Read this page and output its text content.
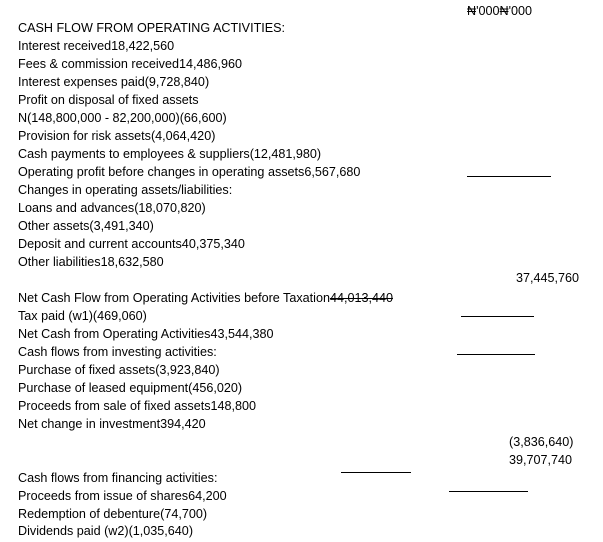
₦'000₦'000
CASH FLOW FROM OPERATING ACTIVITIES:
Interest received18,422,560
Fees & commission received14,486,960
Interest expenses paid(9,728,840)
Profit on disposal of fixed assets
N(148,800,000 - 82,200,000)(66,600)
Provision for risk assets(4,064,420)
Cash payments to employees & suppliers(12,481,980)
Operating profit before changes in operating assets6,567,680
Changes in operating assets/liabilities:
Loans and advances(18,070,820)
Other assets(3,491,340)
Deposit and current accounts40,375,340
Other liabilities18,632,580
37,445,760
Net Cash Flow from Operating Activities before Taxation44,013,440
Tax paid (w1)(469,060)
Net Cash from Operating Activities43,544,380
Cash flows from investing activities:
Purchase of fixed assets(3,923,840)
Purchase of leased equipment(456,020)
Proceeds from sale of fixed assets148,800
Net change in investment394,420
(3,836,640)
39,707,740
Cash flows from financing activities:
Proceeds from issue of shares64,200
Redemption of debenture(74,700)
Dividends paid (w2)(1,035,640)
